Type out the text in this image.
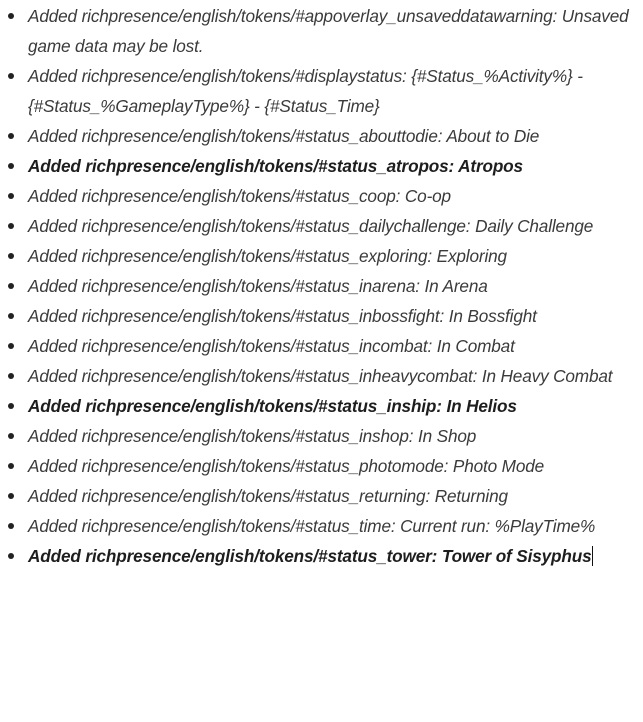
Added richpresence/english/tokens/#appoverlay_unsaveddatawarning: Unsaved game data may be lost.
Added richpresence/english/tokens/#displaystatus: {#Status_%Activity%} - {#Status_%GameplayType%} - {#Status_Time}
Added richpresence/english/tokens/#status_abouttodie: About to Die
Added richpresence/english/tokens/#status_atropos: Atropos
Added richpresence/english/tokens/#status_coop: Co-op
Added richpresence/english/tokens/#status_dailychallenge: Daily Challenge
Added richpresence/english/tokens/#status_exploring: Exploring
Added richpresence/english/tokens/#status_inarena: In Arena
Added richpresence/english/tokens/#status_inbossfight: In Bossfight
Added richpresence/english/tokens/#status_incombat: In Combat
Added richpresence/english/tokens/#status_inheavycombat: In Heavy Combat
Added richpresence/english/tokens/#status_inship: In Helios
Added richpresence/english/tokens/#status_inshop: In Shop
Added richpresence/english/tokens/#status_photomode: Photo Mode
Added richpresence/english/tokens/#status_returning: Returning
Added richpresence/english/tokens/#status_time: Current run: %PlayTime%
Added richpresence/english/tokens/#status_tower: Tower of Sisyphus
